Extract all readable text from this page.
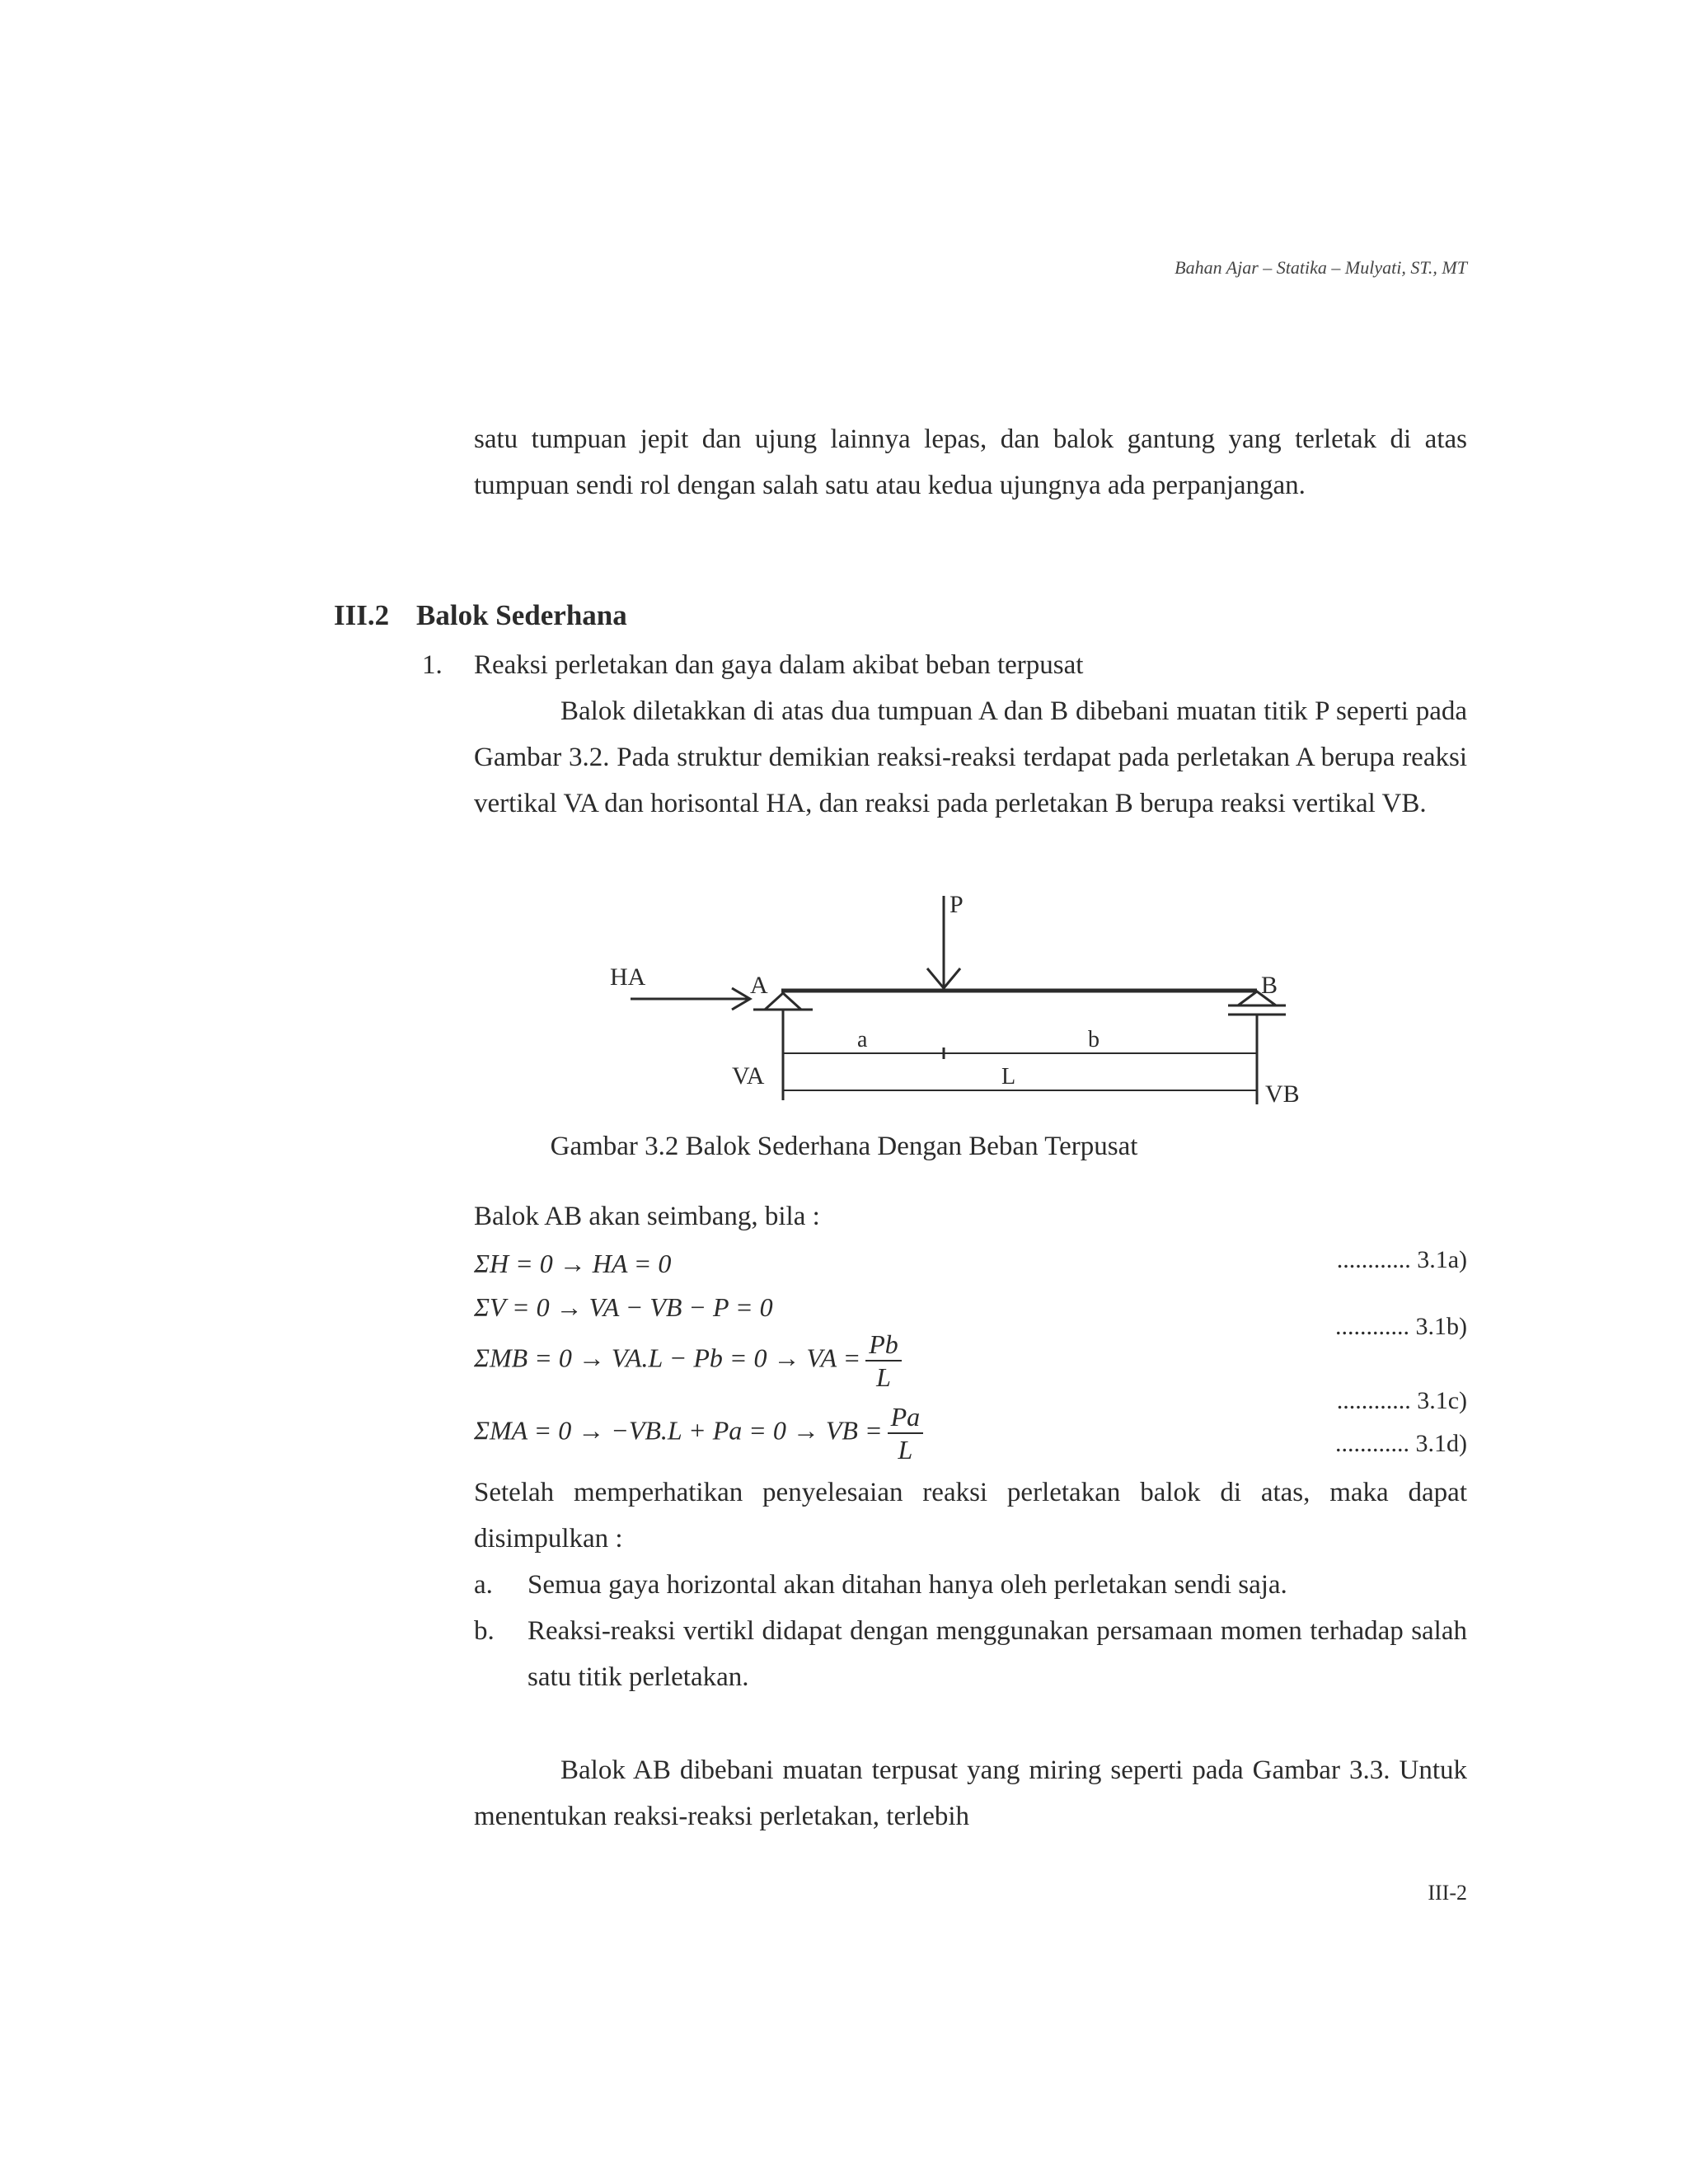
Bahan Ajar – Statika – Mulyati, ST., MT
satu tumpuan jepit dan ujung lainnya lepas, dan balok gantung yang terletak di atas tumpuan sendi rol dengan salah satu atau kedua ujungnya ada perpanjangan.
III.2 Balok Sederhana
1. Reaksi perletakan dan gaya dalam akibat beban terpusat
Balok diletakkan di atas dua tumpuan A dan B dibebani muatan titik P seperti pada Gambar 3.2. Pada struktur demikian reaksi-reaksi terdapat pada perletakan A berupa reaksi vertikal VA dan horisontal HA, dan reaksi pada perletakan B berupa reaksi vertikal VB.
P
HA	A	B
a	b
L
VA
VB
Gambar 3.2 Balok Sederhana Dengan Beban Terpusat
Balok AB akan seimbang, bila :
ΣH = 0 → HA = 0
ΣV = 0 → VA − VB − P = 0
ΣMB = 0 → VA.L − Pb = 0 → VA = $\frac{Pb}{L}$
ΣMA = 0 → −VB.L + Pa = 0 → VB = $\frac{Pa}{L}$
............ 3.1a)
............ 3.1b)
............ 3.1c)
............ 3.1d)
Setelah memperhatikan penyelesaian reaksi perletakan balok di atas, maka dapat disimpulkan :
a. Semua gaya horizontal akan ditahan hanya oleh perletakan sendi saja.
b. Reaksi-reaksi vertikl didapat dengan menggunakan persamaan momen terhadap salah satu titik perletakan.
Balok AB dibebani muatan terpusat yang miring seperti pada Gambar 3.3. Untuk menentukan reaksi-reaksi perletakan, terlebih
III-2
